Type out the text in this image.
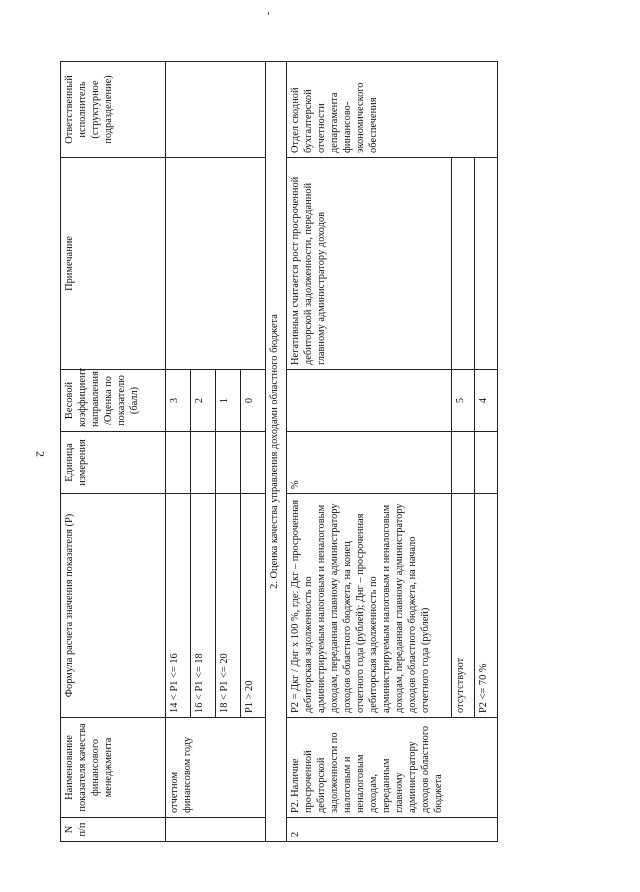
2
N п/п	Наименование показателя качества финансового менеджмента	Формула расчета значения показателя (P)	Единица измерения	Весовой коэффициент направления /Оценка по показателю (балл)	Примечание	Ответственный исполнитель (структурное подразделение)
	отчетном финансовом году	14 < P1 <= 16		3		
		16 < P1 <= 18		2		
		18 < P1 <= 20		1		
		P1 > 20		0		
2. Оценка качества управления доходами областного бюджета						
2	P2. Наличие просроченной дебиторской задолженности по налоговым и неналоговым доходам, переданным главному администратору доходов областного бюджета	P2 = Дкг / Днг x 100 %, где: Дкг – просроченная дебиторская задолженность по администрируемым налоговым и неналоговым доходам, переданная главному администратору доходов областного бюджета, на конец отчетного года (рублей); Днг – просроченная дебиторская задолженность по администрируемым налоговым и неналоговым доходам, переданная главному администратору доходов областного бюджета, на начало отчетного года (рублей)	%		Негативным считается рост просроченной дебиторской задолженности, переданной главному администратору доходов	Отдел сводной бухгалтерской отчетности департамента финансово-экономического обеспечения
		отсутствуют		5		
		P2 <= 70 %		4		
